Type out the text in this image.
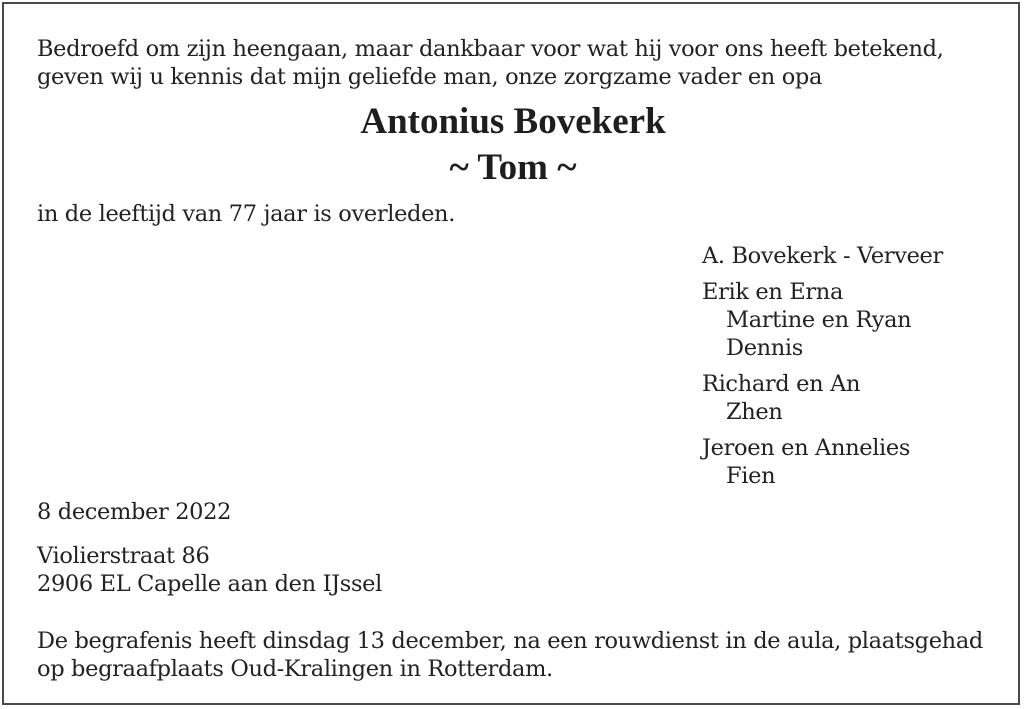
Bedroefd om zijn heengaan, maar dankbaar voor wat hij voor ons heeft betekend,
geven wij u kennis dat mijn geliefde man, onze zorgzame vader en opa
Antonius Bovekerk
~ Tom ~
in de leeftijd van 77 jaar is overleden.
A. Bovekerk - Verveer
Erik en Erna
Martine en Ryan
Dennis
Richard en An
Zhen
Jeroen en Annelies
Fien
8 december 2022
Violierstraat 86
2906 EL Capelle aan den IJssel
De begrafenis heeft dinsdag 13 december, na een rouwdienst in de aula, plaatsgehad
op begraafplaats Oud-Kralingen in Rotterdam.
